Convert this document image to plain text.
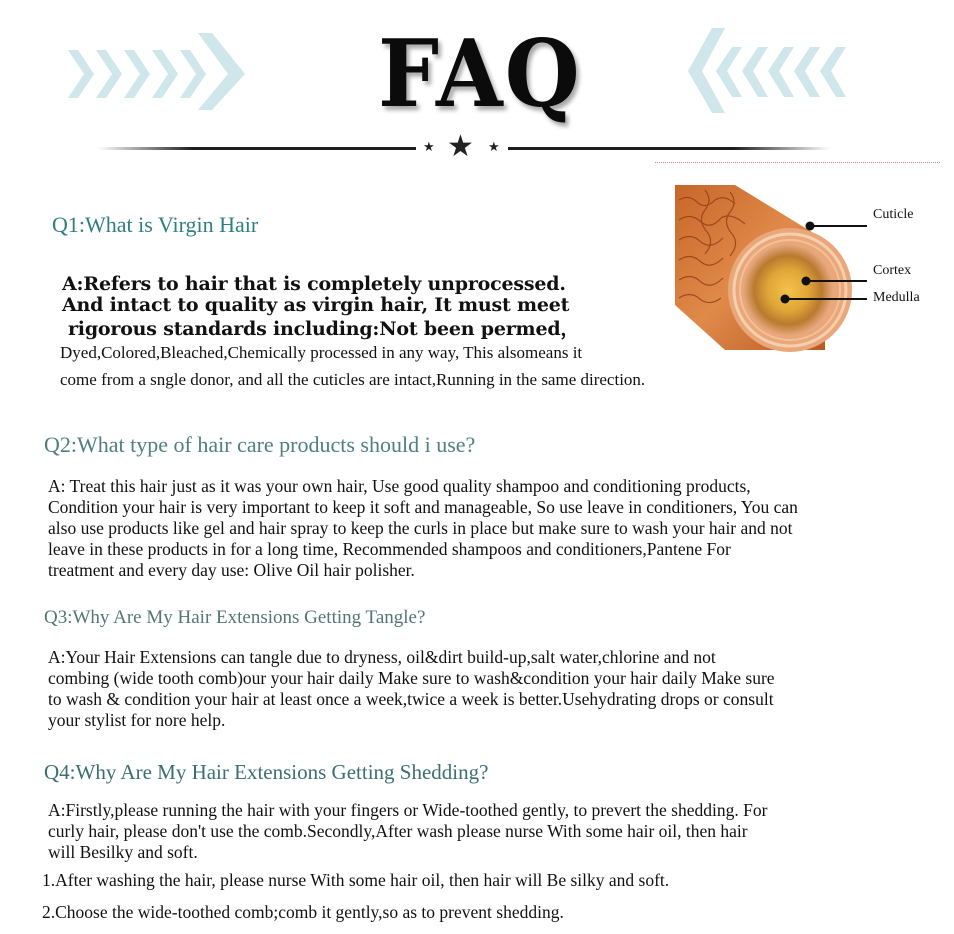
FAQ
★ ★ ★
Cuticle
Cortex
Medulla
Q1:What is Virgin Hair
A:Refers to hair that is completely unprocessed.
And intact to quality as virgin hair, It must meet
rigorous standards including:Not been permed，
Dyed,Colored,Bleached,Chemically processed in any way, This alsomeans it
come from a sngle donor, and all the cuticles are intact,Running in the same direction.
Q2:What type of hair care products should i use?
A: Treat this hair just as it was your own hair, Use good quality shampoo and conditioning products,
Condition your hair is very important to keep it soft and manageable, So use leave in conditioners, You can
also use products like gel and hair spray to keep the curls in place but make sure to wash your hair and not
leave in these products in for a long time, Recommended shampoos and conditioners,Pantene For
treatment and every day use: Olive Oil hair polisher.
Q3:Why Are My Hair Extensions Getting Tangle?
A:Your Hair Extensions can tangle due to dryness, oil&dirt build-up,salt water,chlorine and not
combing (wide tooth comb)our your hair daily Make sure to wash&condition your hair daily Make sure
to wash & condition your hair at least once a week,twice a week is better.Usehydrating drops or consult
your stylist for nore help.
Q4:Why Are My Hair Extensions Getting Shedding?
A:Firstly,please running the hair with your fingers or Wide-toothed gently, to prevert the shedding. For
curly hair, please don't use the comb.Secondly,After wash please nurse With some hair oil, then hair
will Besilky and soft.
1.After washing the hair, please nurse With some hair oil, then hair will Be silky and soft.
2.Choose the wide-toothed comb;comb it gently,so as to prevent shedding.
